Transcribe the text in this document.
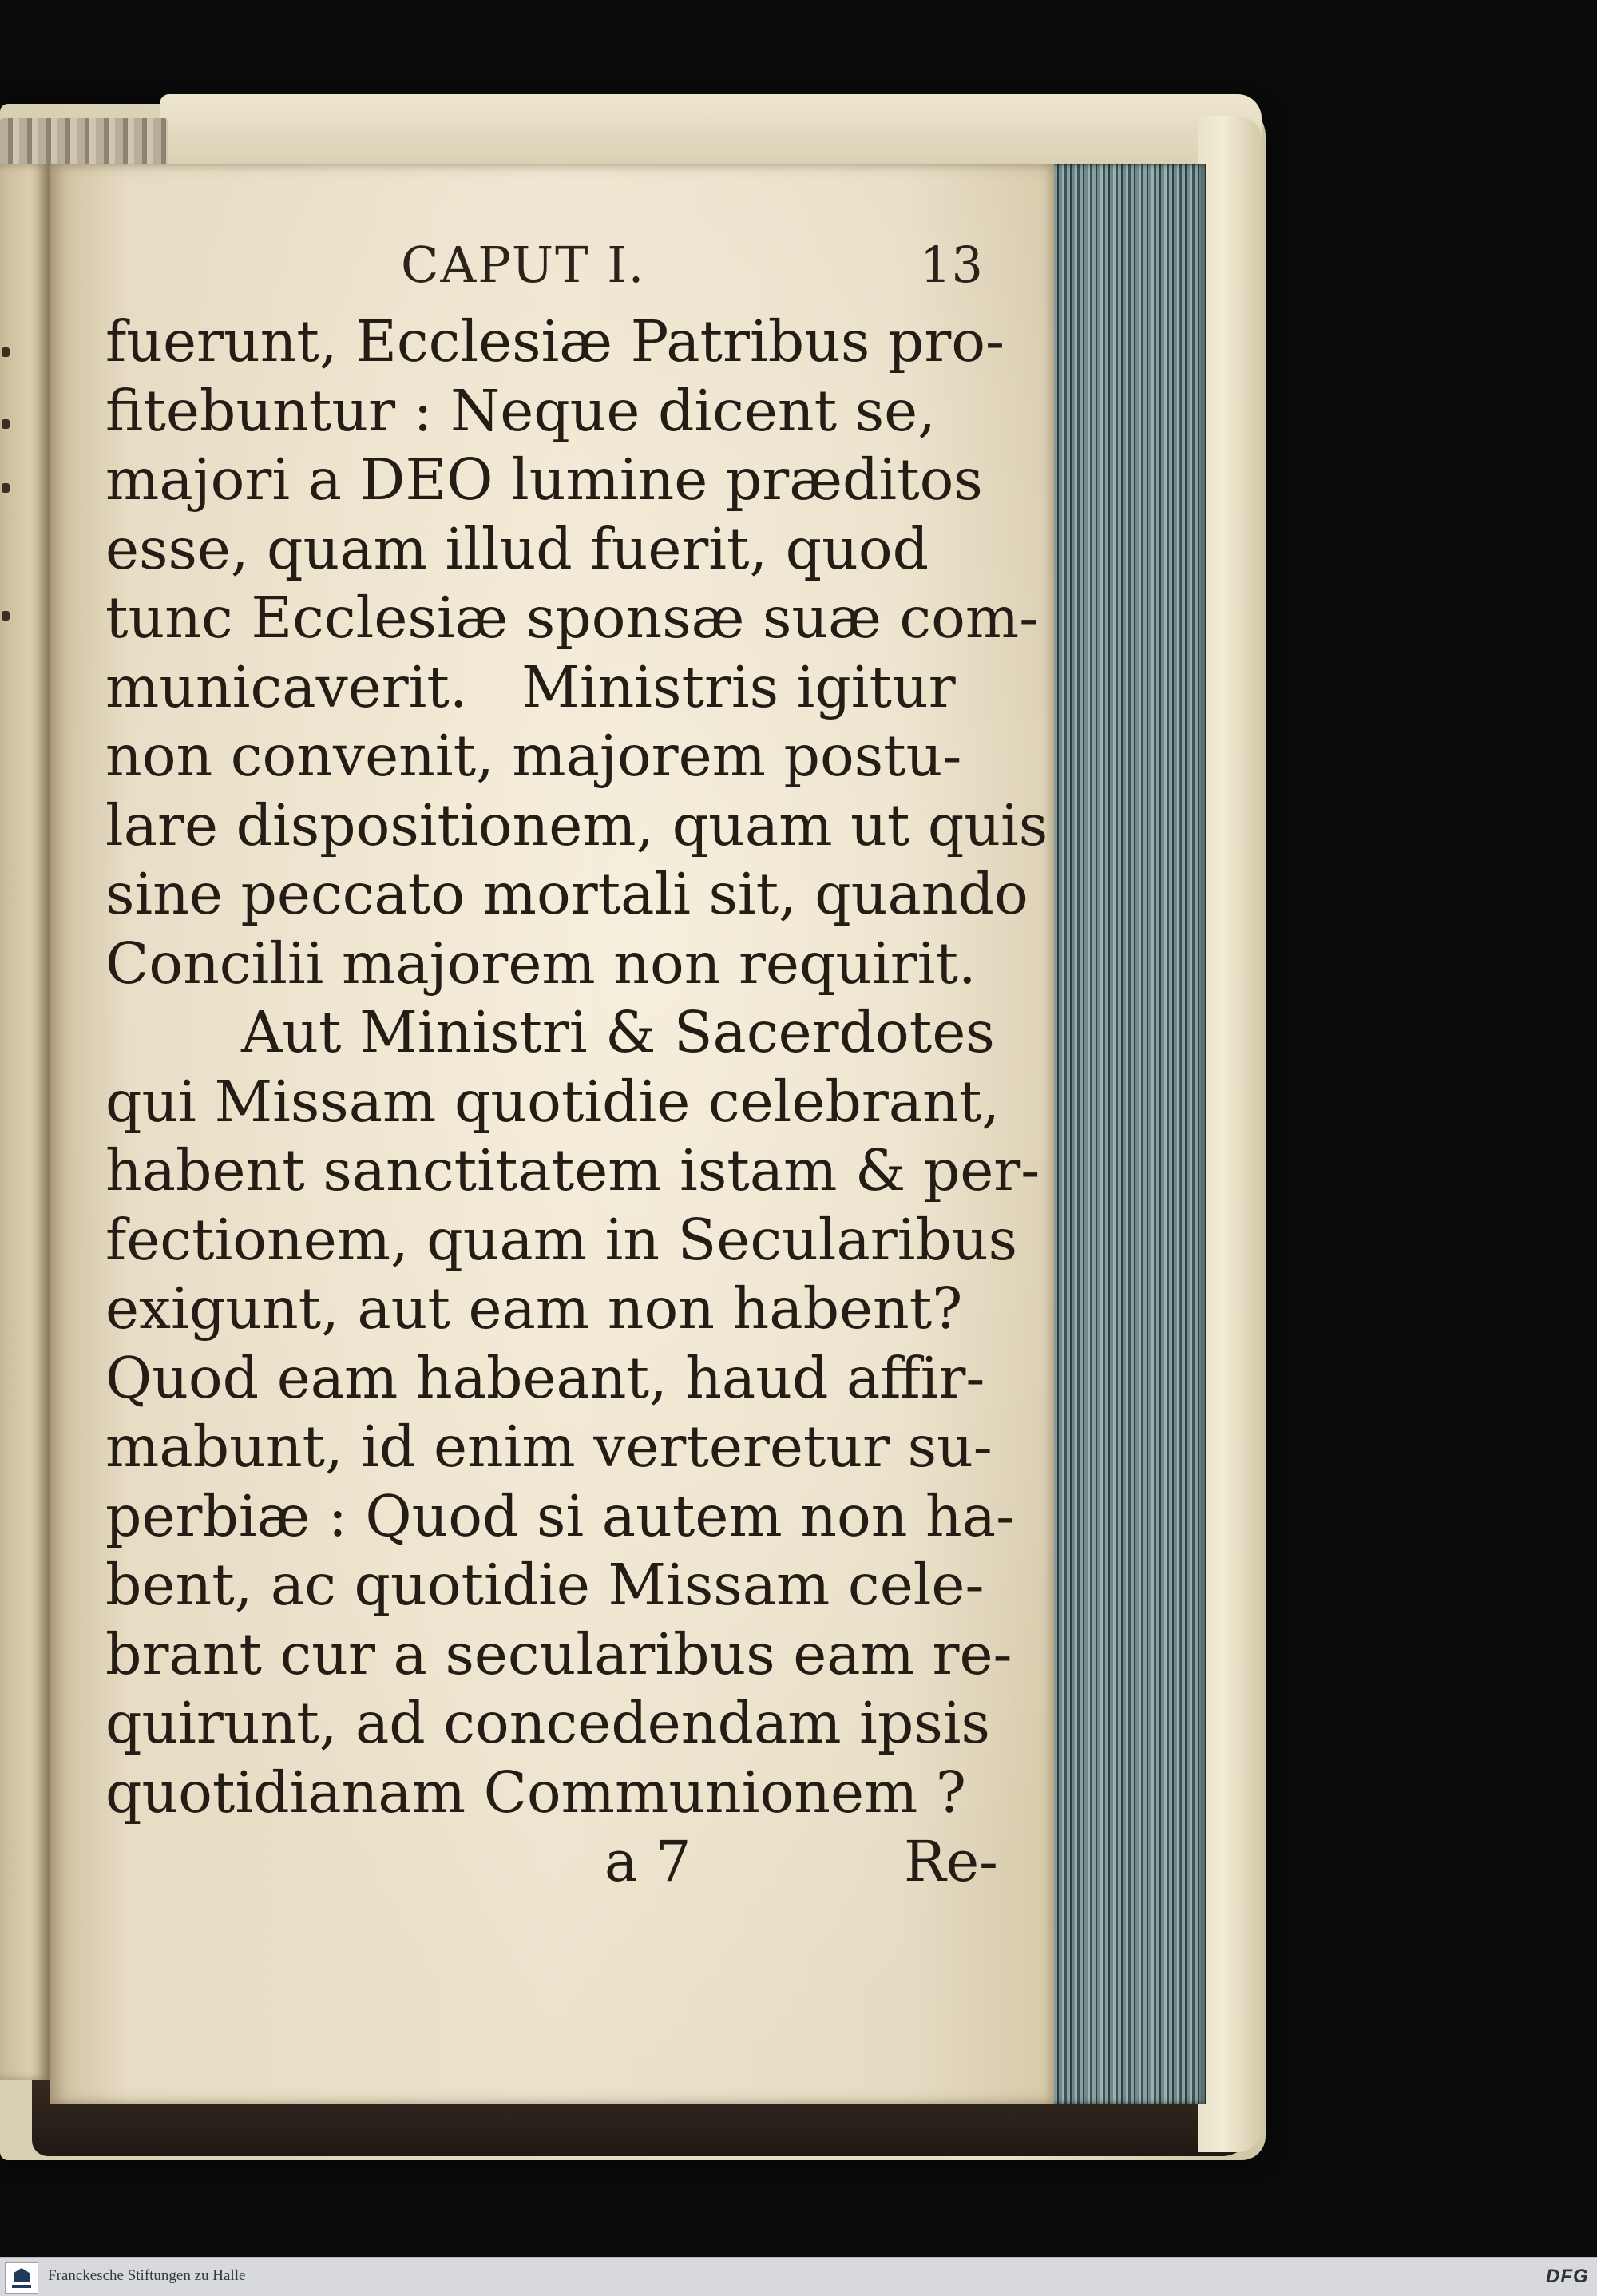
CAPUT I.	13
fuerunt, Ecclesiæ Patribus pro-
fitebuntur : Neque dicent se,
majori a DEO lumine præditos
esse, quam illud fuerit, quod
tunc Ecclesiæ sponsæ suæ com-
municaverit.   Ministris igitur
non convenit, majorem postu-
lare dispositionem, quam ut quis
sine peccato mortali sit, quando
Concilii majorem non requirit.
Aut Ministri & Sacerdotes
qui Missam quotidie celebrant,
habent sanctitatem istam & per-
fectionem, quam in Secularibus
exigunt, aut eam non habent?
Quod eam habeant, haud affir-
mabunt, id enim verteretur su-
perbiæ : Quod si autem non ha-
bent, ac quotidie Missam cele-
brant cur a secularibus eam re-
quirunt, ad concedendam ipsis
quotidianam Communionem ?
a 7	Re-
Franckesche Stiftungen zu Halle	DFG
